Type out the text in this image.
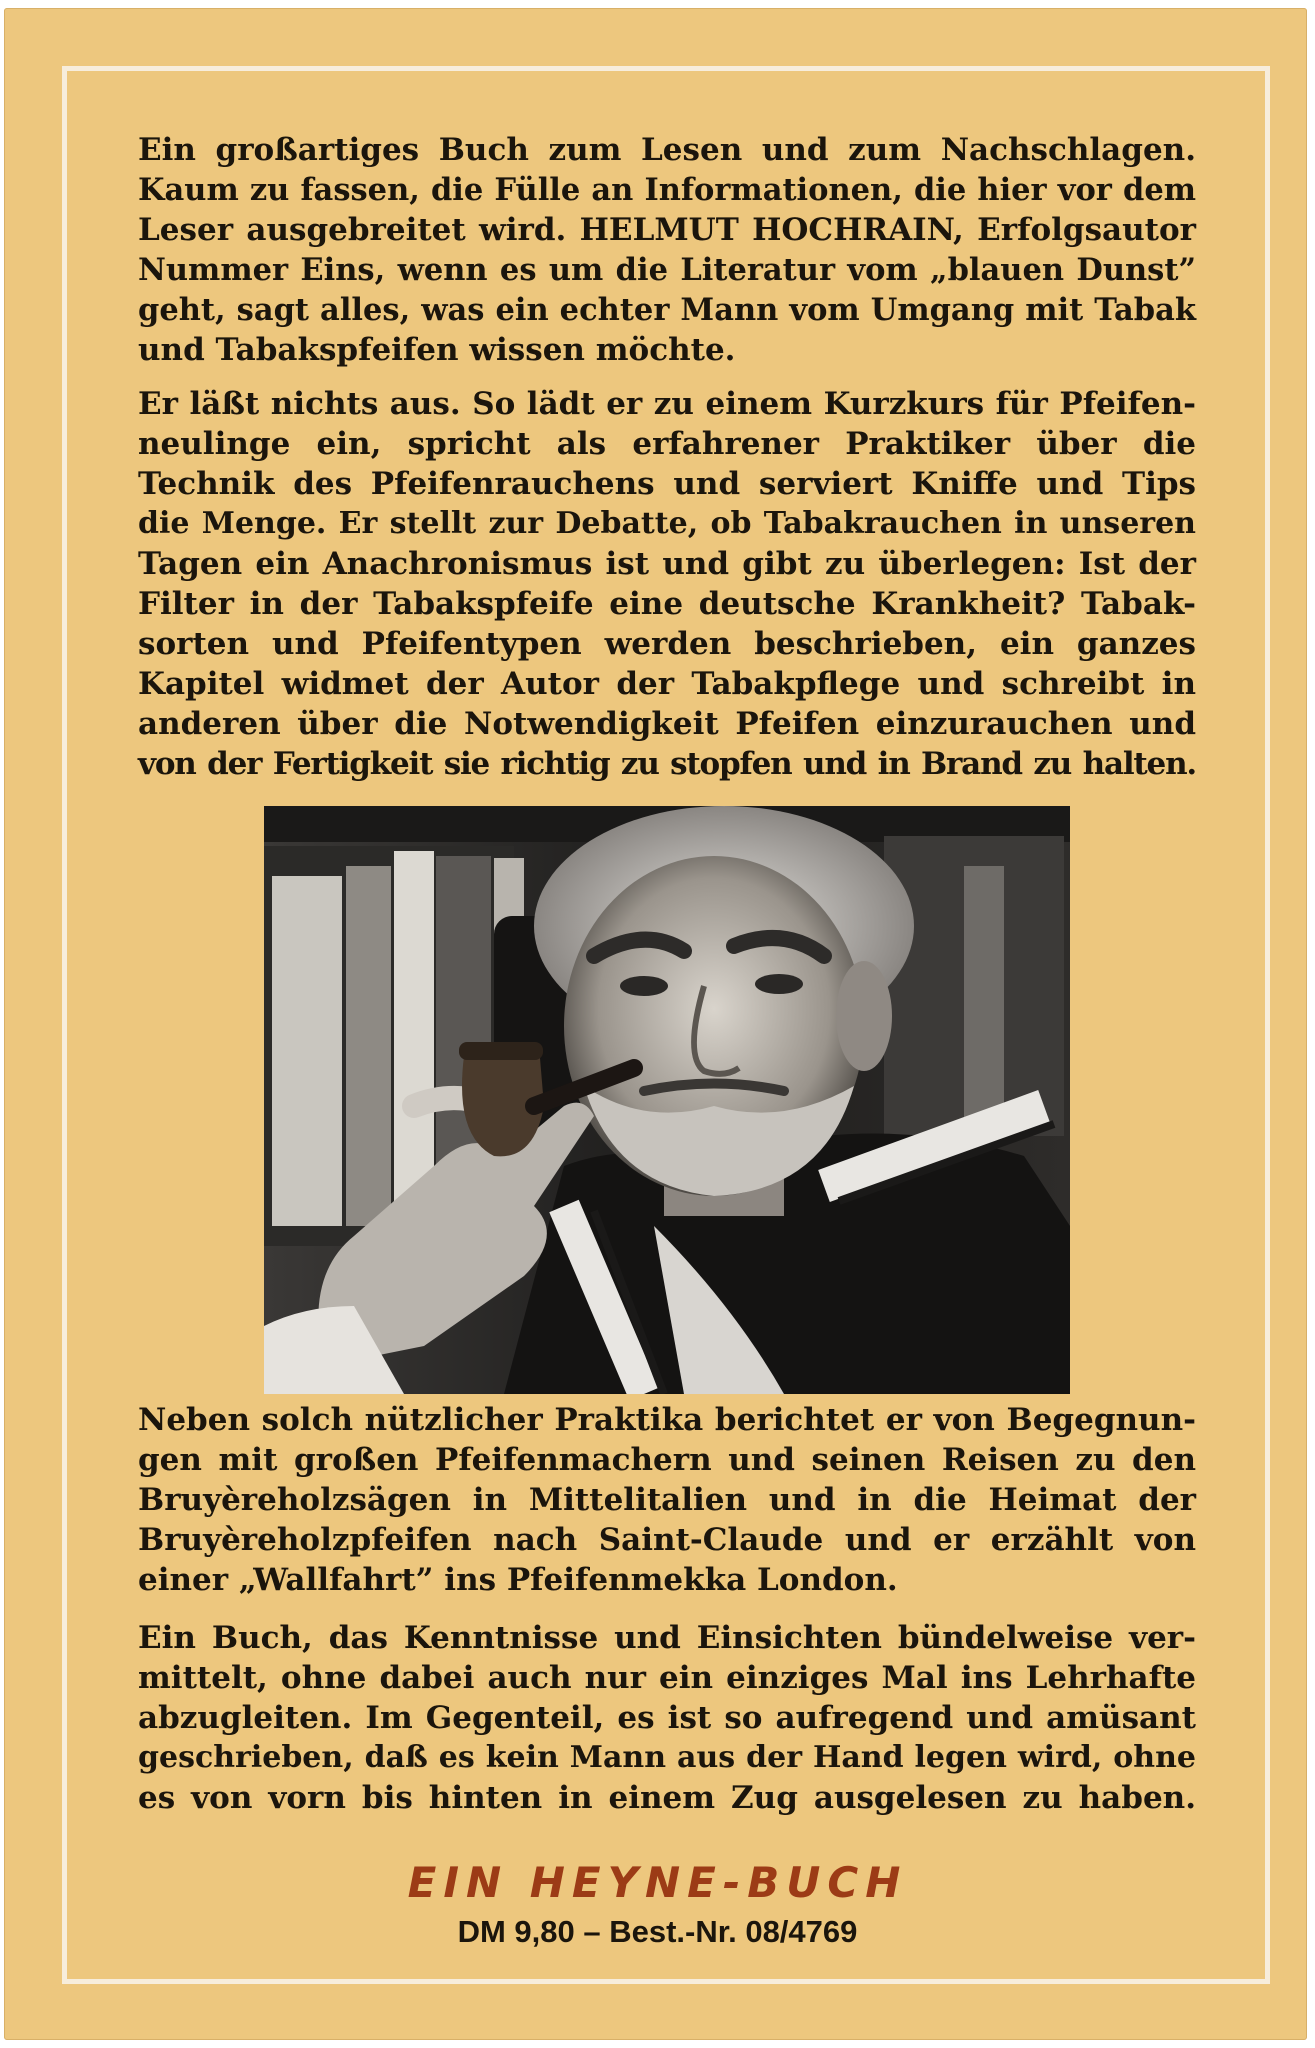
Ein großartiges Buch zum Lesen und zum Nachschlagen.
Kaum zu fassen, die Fülle an Informationen, die hier vor dem
Leser ausgebreitet wird. HELMUT HOCHRAIN, Erfolgsautor
Nummer Eins, wenn es um die Literatur vom „blauen Dunst”
geht, sagt alles, was ein echter Mann vom Umgang mit Tabak
und Tabakspfeifen wissen möchte.
Er läßt nichts aus. So lädt er zu einem Kurzkurs für Pfeifen-
neulinge ein, spricht als erfahrener Praktiker über die
Technik des Pfeifenrauchens und serviert Kniffe und Tips
die Menge. Er stellt zur Debatte, ob Tabakrauchen in unseren
Tagen ein Anachronismus ist und gibt zu überlegen: Ist der
Filter in der Tabakspfeife eine deutsche Krankheit? Tabak-
sorten und Pfeifentypen werden beschrieben, ein ganzes
Kapitel widmet der Autor der Tabakpflege und schreibt in
anderen über die Notwendigkeit Pfeifen einzurauchen und
von der Fertigkeit sie richtig zu stopfen und in Brand zu halten.
Neben solch nützlicher Praktika berichtet er von Begegnun-
gen mit großen Pfeifenmachern und seinen Reisen zu den
Bruyèreholzsägen in Mittelitalien und in die Heimat der
Bruyèreholzpfeifen nach Saint-Claude und er erzählt von
einer „Wallfahrt” ins Pfeifenmekka London.
Ein Buch, das Kenntnisse und Einsichten bündelweise ver-
mittelt, ohne dabei auch nur ein einziges Mal ins Lehrhafte
abzugleiten. Im Gegenteil, es ist so aufregend und amüsant
geschrieben, daß es kein Mann aus der Hand legen wird, ohne
es von vorn bis hinten in einem Zug ausgelesen zu haben.
EIN HEYNE-BUCH
DM 9,80 – Best.-Nr. 08/4769
